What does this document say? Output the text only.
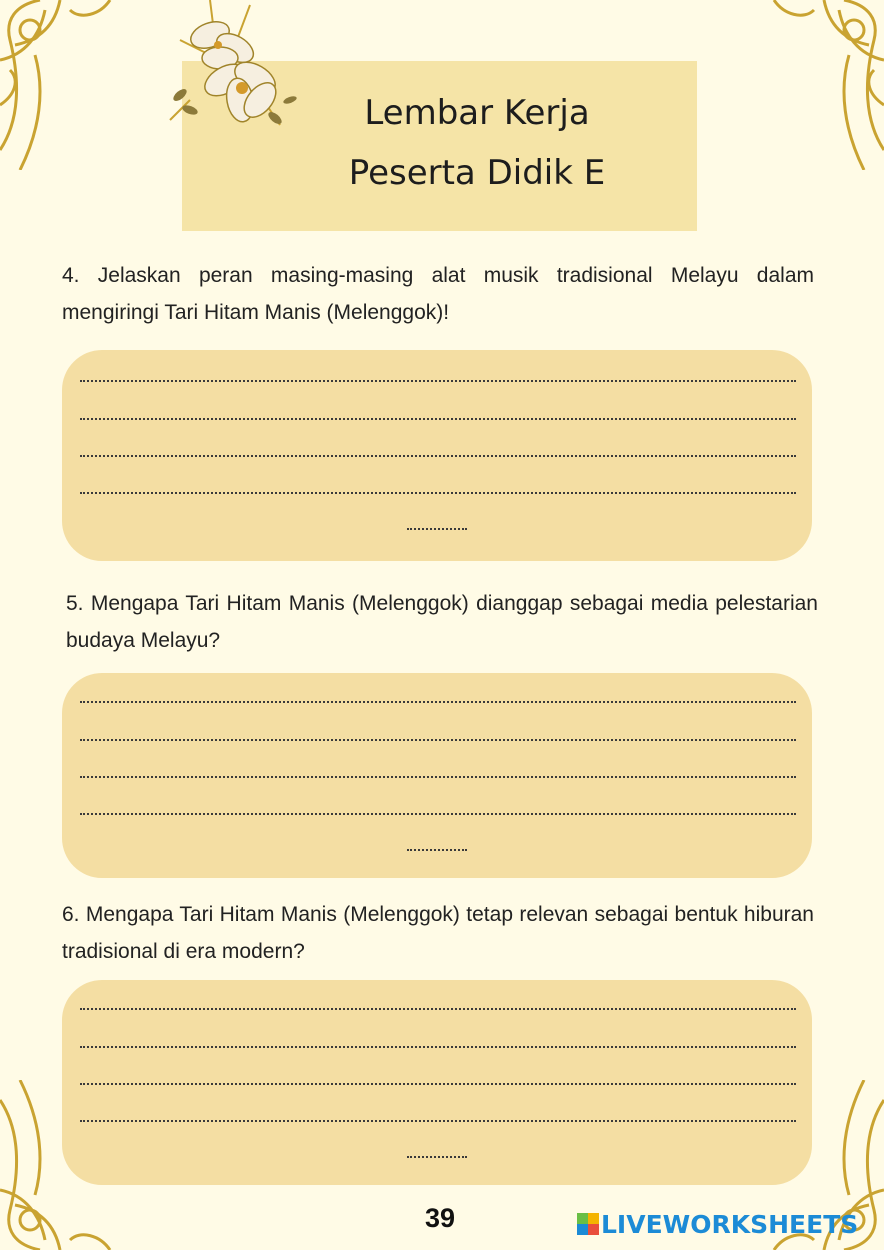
Lembar Kerja
Peserta Didik E
4. Jelaskan peran masing-masing alat musik tradisional Melayu dalam mengiringi Tari Hitam Manis (Melenggok)!
5. Mengapa Tari Hitam Manis (Melenggok) dianggap sebagai media pelestarian budaya Melayu?
6. Mengapa Tari Hitam Manis (Melenggok) tetap relevan sebagai bentuk hiburan tradisional di era modern?
39	LIVEWORKSHEETS
